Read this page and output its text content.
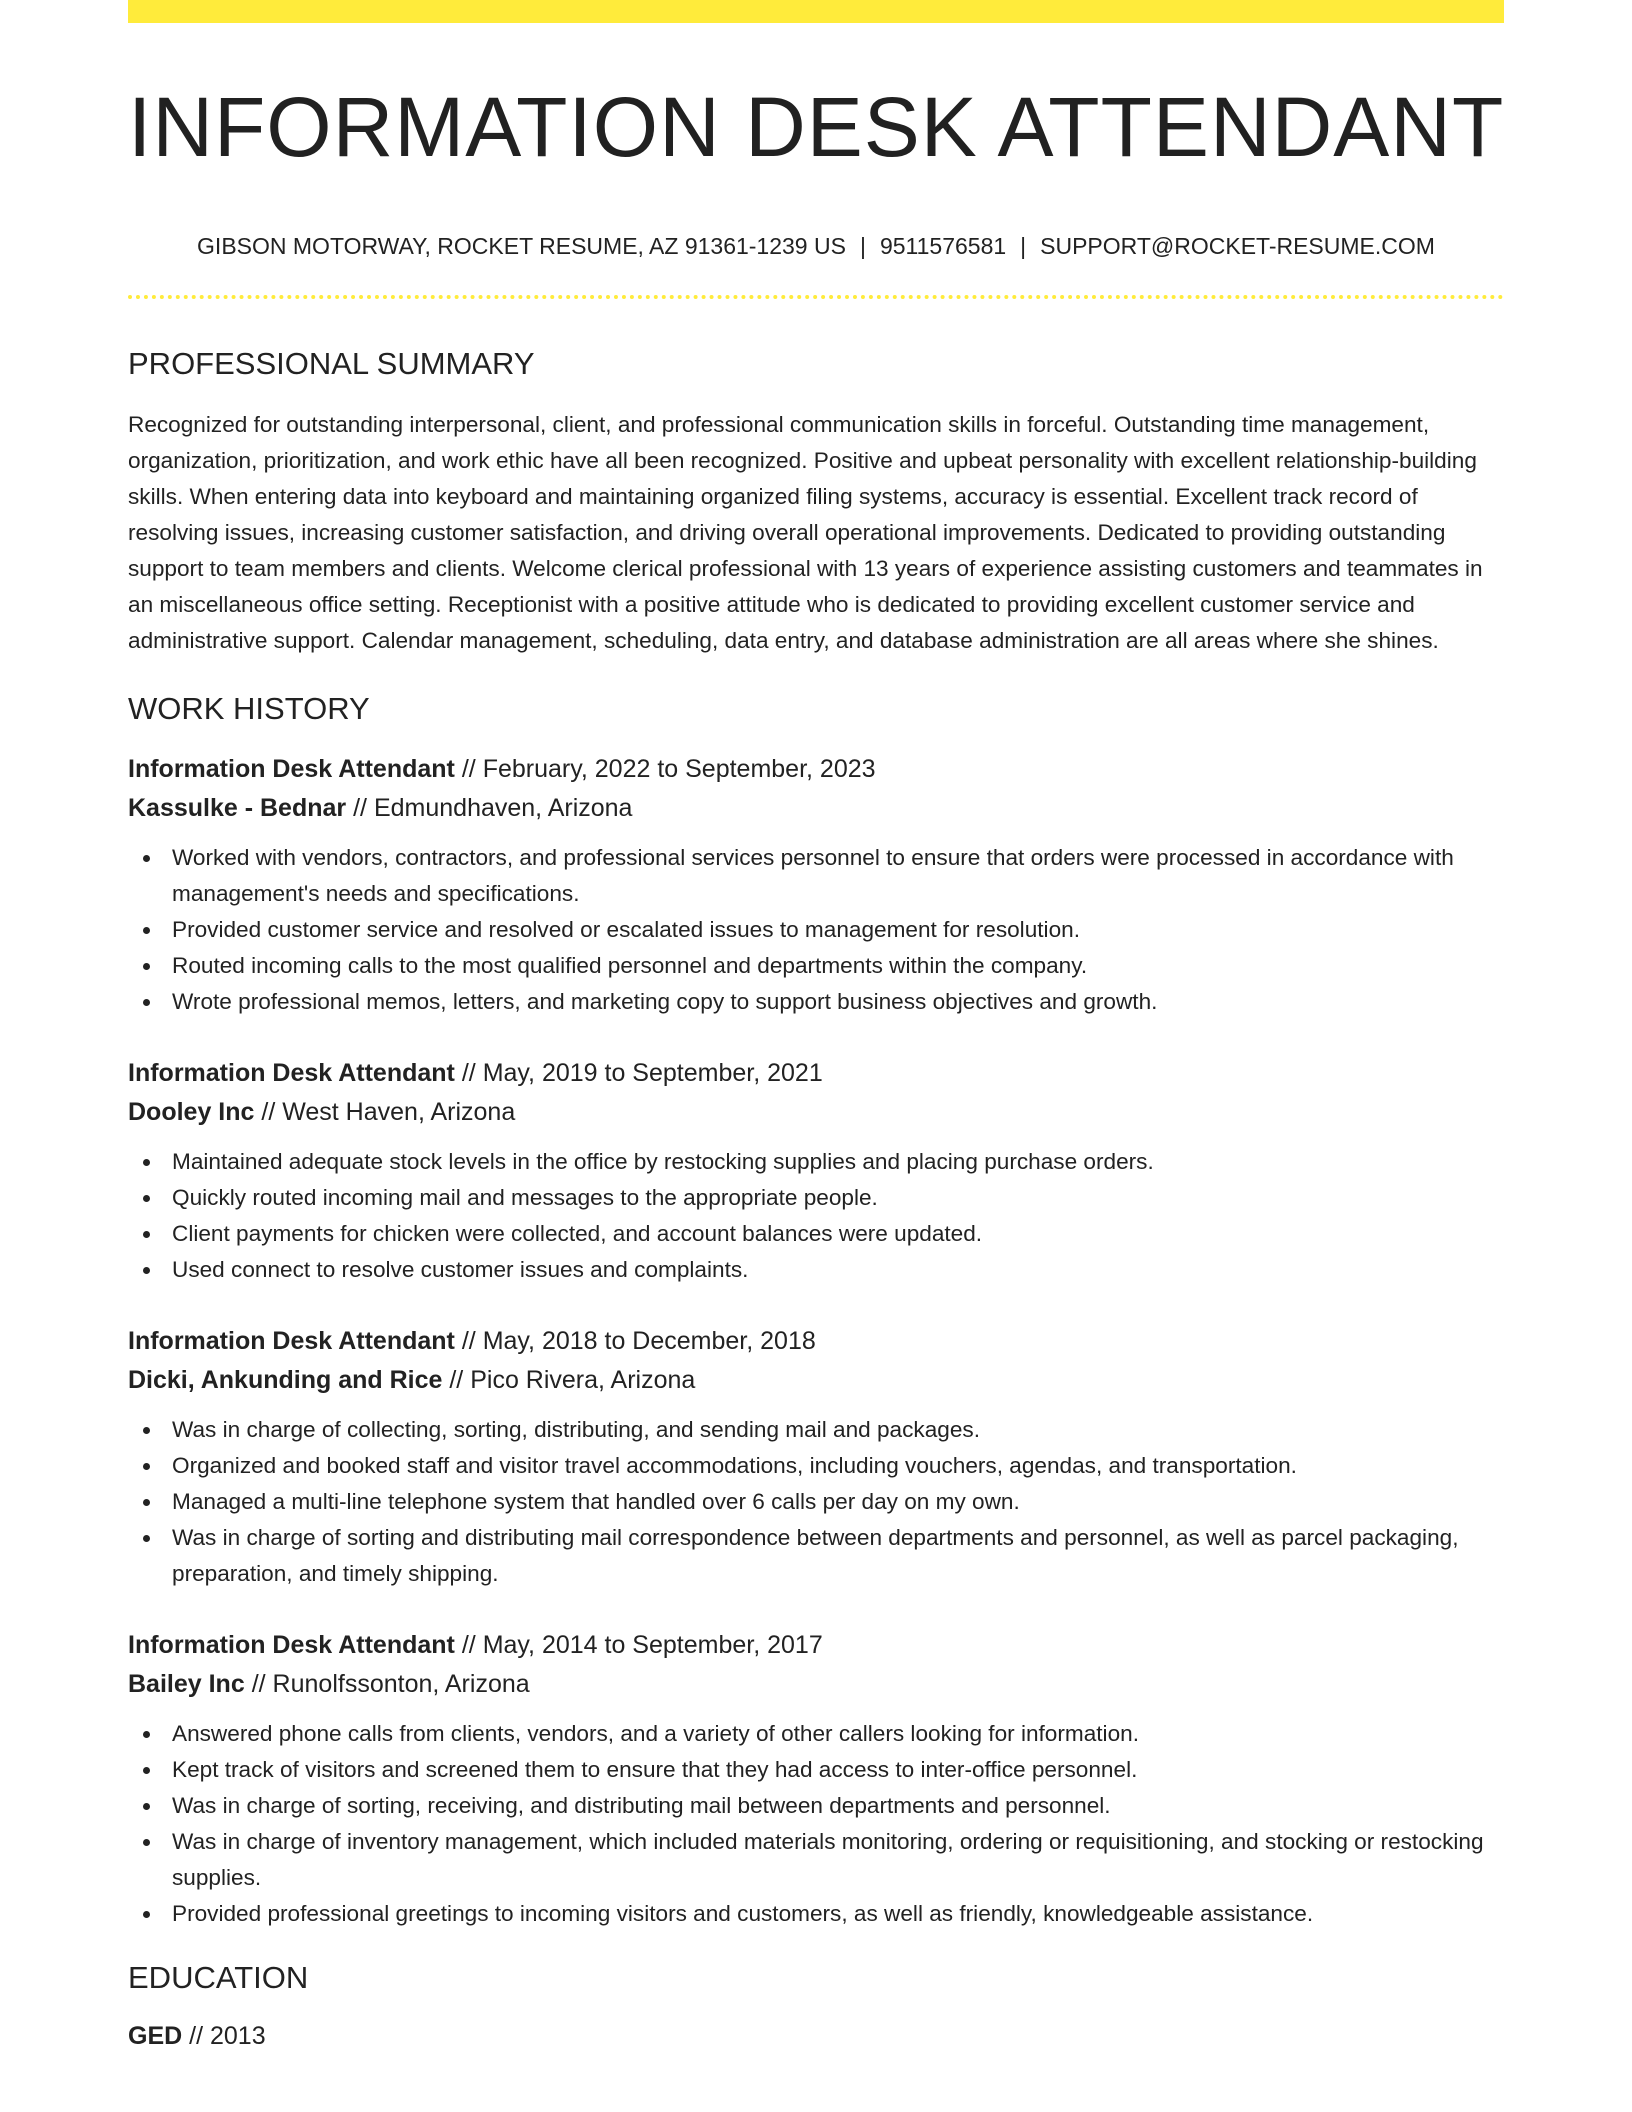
INFORMATION DESK ATTENDANT
GIBSON MOTORWAY, ROCKET RESUME, AZ 91361-1239 US | 9511576581 | SUPPORT@ROCKET-RESUME.COM
PROFESSIONAL SUMMARY
Recognized for outstanding interpersonal, client, and professional communication skills in forceful. Outstanding time management, organization, prioritization, and work ethic have all been recognized. Positive and upbeat personality with excellent relationship-building skills. When entering data into keyboard and maintaining organized filing systems, accuracy is essential. Excellent track record of resolving issues, increasing customer satisfaction, and driving overall operational improvements. Dedicated to providing outstanding support to team members and clients. Welcome clerical professional with 13 years of experience assisting customers and teammates in an miscellaneous office setting. Receptionist with a positive attitude who is dedicated to providing excellent customer service and administrative support. Calendar management, scheduling, data entry, and database administration are all areas where she shines.
WORK HISTORY
Information Desk Attendant // February, 2022 to September, 2023
Kassulke - Bednar // Edmundhaven, Arizona
Worked with vendors, contractors, and professional services personnel to ensure that orders were processed in accordance with management's needs and specifications.
Provided customer service and resolved or escalated issues to management for resolution.
Routed incoming calls to the most qualified personnel and departments within the company.
Wrote professional memos, letters, and marketing copy to support business objectives and growth.
Information Desk Attendant // May, 2019 to September, 2021
Dooley Inc // West Haven, Arizona
Maintained adequate stock levels in the office by restocking supplies and placing purchase orders.
Quickly routed incoming mail and messages to the appropriate people.
Client payments for chicken were collected, and account balances were updated.
Used connect to resolve customer issues and complaints.
Information Desk Attendant // May, 2018 to December, 2018
Dicki, Ankunding and Rice // Pico Rivera, Arizona
Was in charge of collecting, sorting, distributing, and sending mail and packages.
Organized and booked staff and visitor travel accommodations, including vouchers, agendas, and transportation.
Managed a multi-line telephone system that handled over 6 calls per day on my own.
Was in charge of sorting and distributing mail correspondence between departments and personnel, as well as parcel packaging, preparation, and timely shipping.
Information Desk Attendant // May, 2014 to September, 2017
Bailey Inc // Runolfssonton, Arizona
Answered phone calls from clients, vendors, and a variety of other callers looking for information.
Kept track of visitors and screened them to ensure that they had access to inter-office personnel.
Was in charge of sorting, receiving, and distributing mail between departments and personnel.
Was in charge of inventory management, which included materials monitoring, ordering or requisitioning, and stocking or restocking supplies.
Provided professional greetings to incoming visitors and customers, as well as friendly, knowledgeable assistance.
EDUCATION
GED // 2013
